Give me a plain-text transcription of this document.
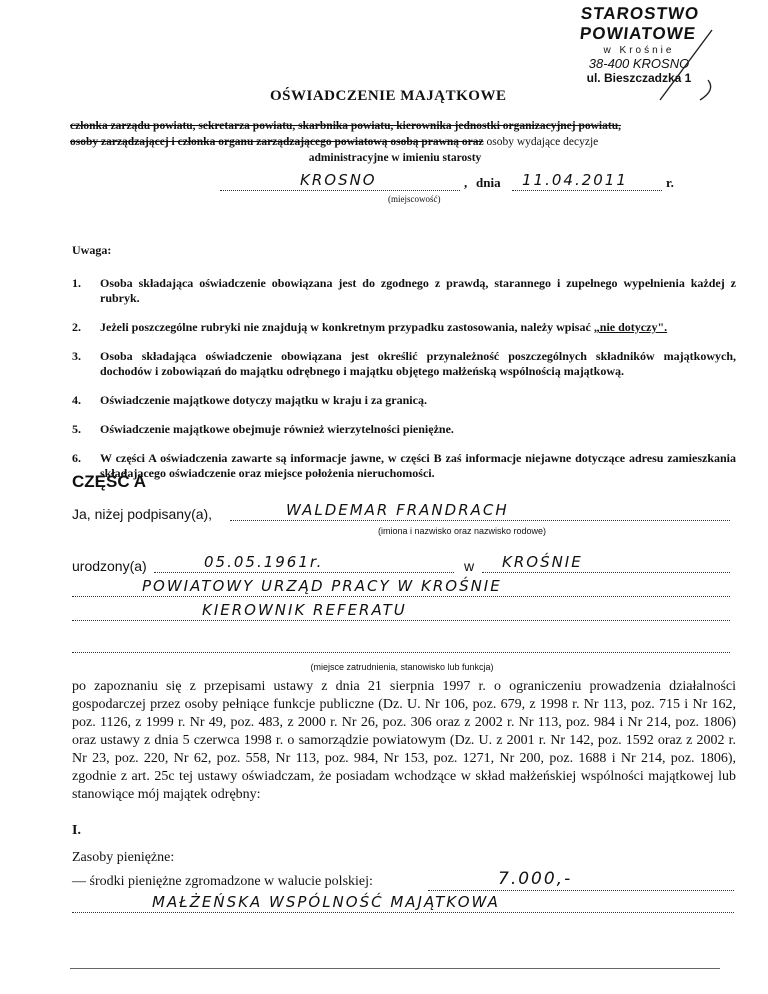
STAROSTWO POWIATOWE
w Krośnie
38-400 KROSNO
ul. Bieszczadzka 1
OŚWIADCZENIE MAJĄTKOWE
członka zarządu powiatu, sekretarza powiatu, skarbnika powiatu, kierownika jednostki organizacyjnej powiatu,
osoby zarządzającej i członka organu zarządzającego powiatową osobą prawną oraz osoby wydające decyzje
administracyjne w imieniu starosty
KROSNO	, dnia 11.04.2011	r.
(miejscowość)
Uwaga:
1.	Osoba składająca oświadczenie obowiązana jest do zgodnego z prawdą, starannego i zupełnego wypełnienia każdej z rubryk.
2.	Jeżeli poszczególne rubryki nie znajdują w konkretnym przypadku zastosowania, należy wpisać „nie dotyczy".
3.	Osoba składająca oświadczenie obowiązana jest określić przynależność poszczególnych składników majątkowych, dochodów i zobowiązań do majątku odrębnego i majątku objętego małżeńską wspólnością majątkową.
4.	Oświadczenie majątkowe dotyczy majątku w kraju i za granicą.
5.	Oświadczenie majątkowe obejmuje również wierzytelności pieniężne.
6.	W części A oświadczenia zawarte są informacje jawne, w części B zaś informacje niejawne dotyczące adresu zamieszkania składającego oświadczenie oraz miejsce położenia nieruchomości.
CZĘŚĆ A
Ja, niżej podpisany(a),	WALDEMAR FRANDRACH
(imiona i nazwisko oraz nazwisko rodowe)
urodzony(a)	05.05.1961r.	w KROŚNIE
POWIATOWY URZĄD PRACY W KROŚNIE
KIEROWNIK REFERATU
(miejsce zatrudnienia, stanowisko lub funkcja)
po zapoznaniu się z przepisami ustawy z dnia 21 sierpnia 1997 r. o ograniczeniu prowadzenia działalności gospodarczej przez osoby pełniące funkcje publiczne (Dz. U. Nr 106, poz. 679, z 1998 r. Nr 113, poz. 715 i Nr 162, poz. 1126, z 1999 r. Nr 49, poz. 483, z 2000 r. Nr 26, poz. 306 oraz z 2002 r. Nr 113, poz. 984 i Nr 214, poz. 1806) oraz ustawy z dnia 5 czerwca 1998 r. o samorządzie powiatowym (Dz. U. z 2001 r. Nr 142, poz. 1592 oraz z 2002 r. Nr 23, poz. 220, Nr 62, poz. 558, Nr 113, poz. 984, Nr 153, poz. 1271, Nr 200, poz. 1688 i Nr 214, poz. 1806), zgodnie z art. 25c tej ustawy oświadczam, że posiadam wchodzące w skład małżeńskiej wspólności majątkowej lub stanowiące mój majątek odrębny:
I.
Zasoby pieniężne:
— środki pieniężne zgromadzone w walucie polskiej:	7.000,-
MAŁŻEŃSKA WSPÓLNOŚĆ MAJĄTKOWA
